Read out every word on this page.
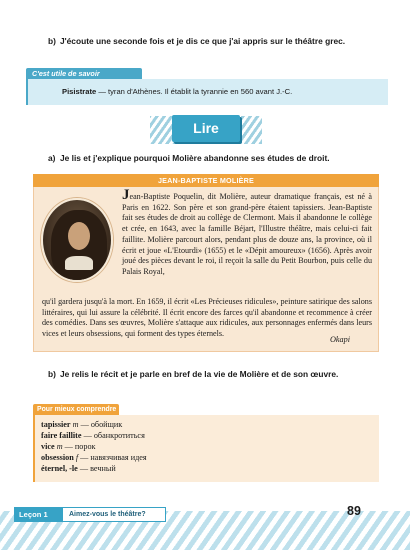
b) J'écoute une seconde fois et je dis ce que j'ai appris sur le théâtre grec.
C'est utile de savoir
Pisistrate — tyran d'Athènes. Il établit la tyrannie en 560 avant J.-C.
Lire
a) Je lis et j'explique pourquoi Molière abandonne ses études de droit.
JEAN-BAPTISTE MOLIÈRE
Jean-Baptiste Poquelin, dit Molière, auteur dramatique français, est né à Paris en 1622. Son père et son grand-père étaient tapissiers. Jean-Baptiste fait ses études de droit au collège de Clermont. Mais il abandonne le collège et crée, en 1643, avec la famille Béjart, l'Illustre théâtre, mais celui-ci fait faillite. Molière parcourt alors, pendant plus de douze ans, la province, où il écrit et joue «L'Etourdi» (1655) et le «Dépit amoureux» (1656). Après avoir joué des pièces devant le roi, il reçoit la salle du Petit Bourbon, puis celle du Palais Royal,
qu'il gardera jusqu'à la mort. En 1659, il écrit «Les Précieuses ridicules», peinture satirique des salons littéraires, qui lui assure la célébrité. Il écrit encore des farces qu'il abandonne et recommence à créer des comédies. Dans ses œuvres, Molière s'attaque aux ridicules, aux personnages enfermés dans leurs vices et leurs obsessions, qui forment des types éternels.
Okapi
b) Je relis le récit et je parle en bref de la vie de Molière et de son œuvre.
Pour mieux comprendre
tapissier m — обойщик
faire faillite — обанкротиться
vice m — порок
obsession f — навязчивая идея
éternel, -le — вечный
Leçon 1	Aimez-vous le théâtre?	89
